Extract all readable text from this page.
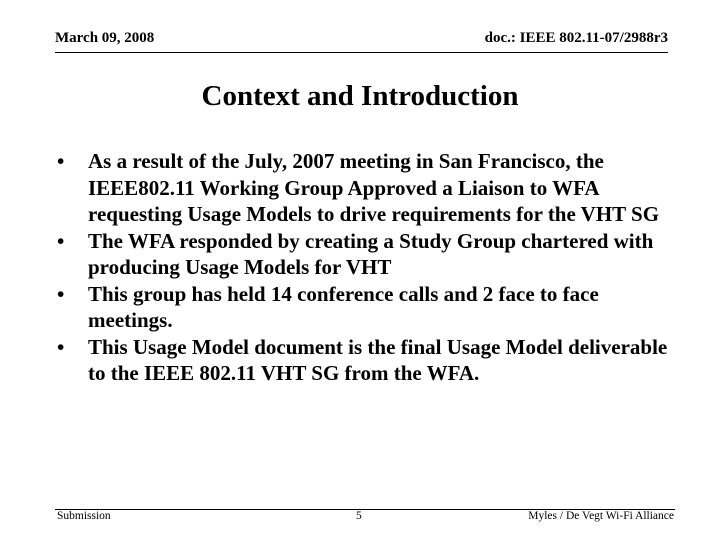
March 09, 2008	doc.: IEEE 802.11-07/2988r3
Context and Introduction
•	As a result of the July, 2007 meeting in San Francisco, the IEEE802.11 Working Group Approved a Liaison to WFA requesting Usage Models to drive requirements for the VHT SG
•	The WFA responded by creating a Study Group chartered with producing Usage Models for VHT
•	This group has held 14 conference calls and 2 face to face meetings.
•	This Usage Model document is the final Usage Model deliverable to the IEEE 802.11 VHT SG from the WFA.
Submission	5	Myles / De Vegt Wi-Fi Alliance
